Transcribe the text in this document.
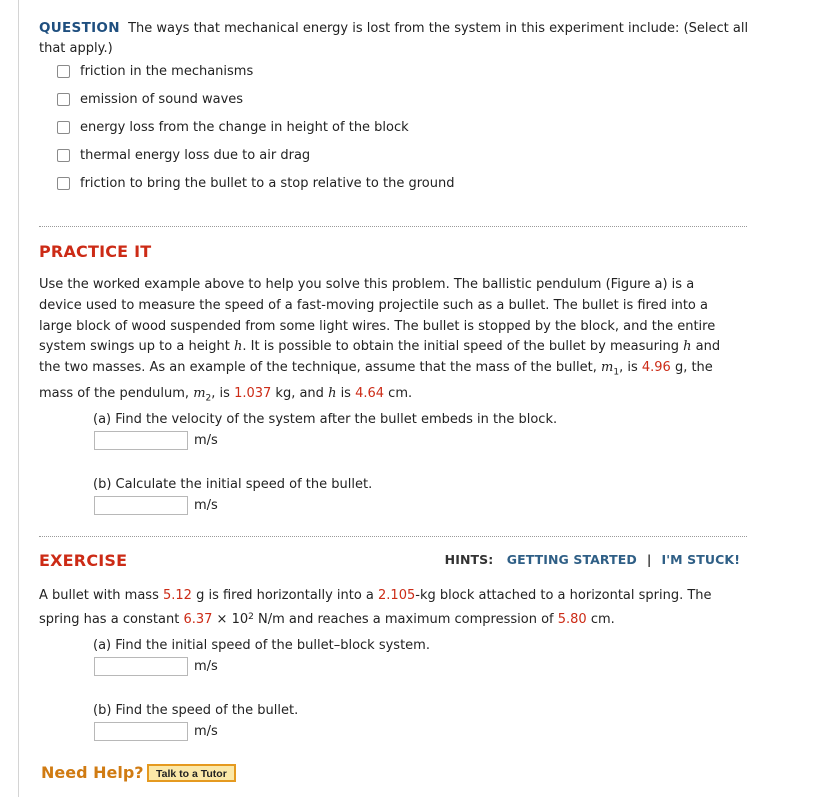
QUESTION The ways that mechanical energy is lost from the system in this experiment include: (Select all that apply.)
friction in the mechanisms
emission of sound waves
energy loss from the change in height of the block
thermal energy loss due to air drag
friction to bring the bullet to a stop relative to the ground
PRACTICE IT
Use the worked example above to help you solve this problem. The ballistic pendulum (Figure a) is a device used to measure the speed of a fast-moving projectile such as a bullet. The bullet is fired into a large block of wood suspended from some light wires. The bullet is stopped by the block, and the entire system swings up to a height h. It is possible to obtain the initial speed of the bullet by measuring h and the two masses. As an example of the technique, assume that the mass of the bullet, $m_1$, is 4.96 g, the mass of the pendulum, $m_2$, is 1.037 kg, and h is 4.64 cm.
(a) Find the velocity of the system after the bullet embeds in the block.
m/s
(b) Calculate the initial speed of the bullet.
m/s
EXERCISE	HINTS: GETTING STARTED | I'M STUCK!
A bullet with mass 5.12 g is fired horizontally into a 2.105-kg block attached to a horizontal spring. The spring has a constant $6.37 \times 10^2$ N/m and reaches a maximum compression of 5.80 cm.
(a) Find the initial speed of the bullet–block system.
m/s
(b) Find the speed of the bullet.
m/s
Need Help?	Talk to a Tutor
